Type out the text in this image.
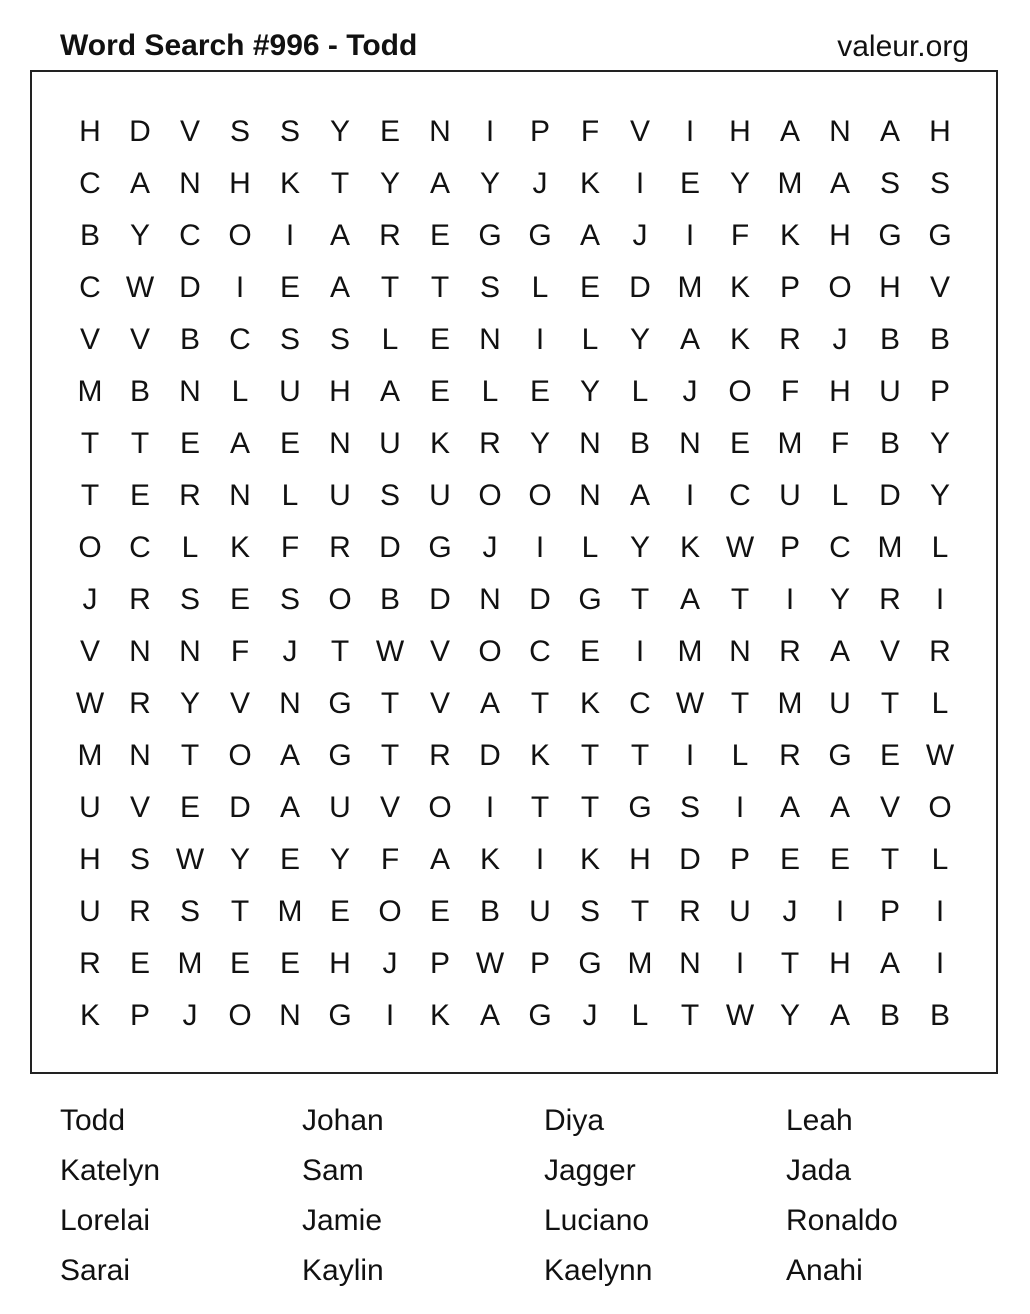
Word Search #996 - Todd	valeur.org
H D V S S Y E N	I	P	F	V	I	H A N A H
C A N H K	T	Y A Y	J	K	I	E Y M A S S
B Y C O	I	A R E G G A	J	I	F	K H G G
C W D	I	E A	T	T	S	L	E D M K P O H V
V V B C S S	L	E N	I	L	Y A K R	J	B B
M B N	L	U H A E	L	E Y	L	J	O F	H U P
T	T	E A E N U K R Y N B N E M F	B Y
T	E R N	L	U S U O O N A	I	C U	L	D Y
O C	L	K	F	R D G	J	I	L	Y K W P C M L
J	R S E S O B D N D G T	A	T	I	Y R	I
V N N	F	J	T W V O C E	I	M N R A V R
W R Y V N G T	V A	T	K C W T M U	T	L
M N	T O A G T	R D K	T	T	I	L	R G E W
U V E D A U V O	I	T	T G S	I	A A V O
H S W Y E Y	F	A K	I	K H D P E E	T	L
U R S	T M E O E B U S	T	R U	J	I	P	I
R E M E E H	J	P W P G M N	I	T	H A	I
K P	J	O N G	I	K A G	J	L	T W Y A B B
Todd	Johan	Diya	Leah
Katelyn	Sam	Jagger	Jada
Lorelai	Jamie	Luciano	Ronaldo
Sarai	Kaylin	Kaelynn	Anahi
